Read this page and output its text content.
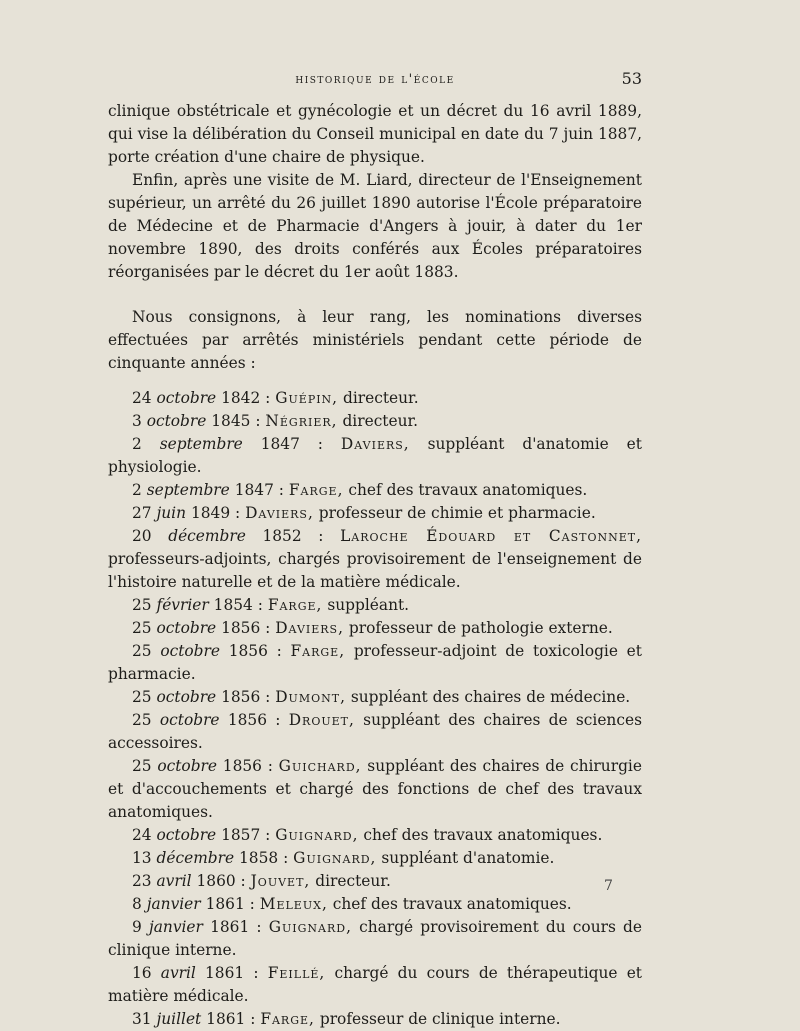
historique de l'école	53

clinique obstétricale et gynécologie et un décret du 16 avril 1889, qui vise la délibération du Conseil municipal en date du 7 juin 1887, porte création d'une chaire de physique.

Enfin, après une visite de M. Liard, directeur de l'Enseignement supérieur, un arrêté du 26 juillet 1890 autorise l'École préparatoire de Médecine et de Pharmacie d'Angers à jouir, à dater du 1er novembre 1890, des droits conférés aux Écoles préparatoires réorganisées par le décret du 1er août 1883.

Nous consignons, à leur rang, les nominations diverses effectuées par arrêtés ministériels pendant cette période de cinquante années :

24 octobre 1842 : Guépin, directeur.

3 octobre 1845 : Négrier, directeur.

2 septembre 1847 : Daviers, suppléant d'anatomie et physiologie.

2 septembre 1847 : Farge, chef des travaux anatomiques.

27 juin 1849 : Daviers, professeur de chimie et pharmacie.

20 décembre 1852 : Laroche Édouard et Castonnet, professeurs-adjoints, chargés provisoirement de l'enseignement de l'histoire naturelle et de la matière médicale.

25 février 1854 : Farge, suppléant.

25 octobre 1856 : Daviers, professeur de pathologie externe.

25 octobre 1856 : Farge, professeur-adjoint de toxicologie et pharmacie.

25 octobre 1856 : Dumont, suppléant des chaires de médecine.

25 octobre 1856 : Drouet, suppléant des chaires de sciences accessoires.

25 octobre 1856 : Guichard, suppléant des chaires de chirurgie et d'accouchements et chargé des fonctions de chef des travaux anatomiques.

24 octobre 1857 : Guignard, chef des travaux anatomiques.

13 décembre 1858 : Guignard, suppléant d'anatomie.

23 avril 1860 : Jouvet, directeur.

8 janvier 1861 : Meleux, chef des travaux anatomiques.

9 janvier 1861 : Guignard, chargé provisoirement du cours de clinique interne.

16 avril 1861 : Feillé, chargé du cours de thérapeutique et matière médicale.

31 juillet 1861 : Farge, professeur de clinique interne.

7
